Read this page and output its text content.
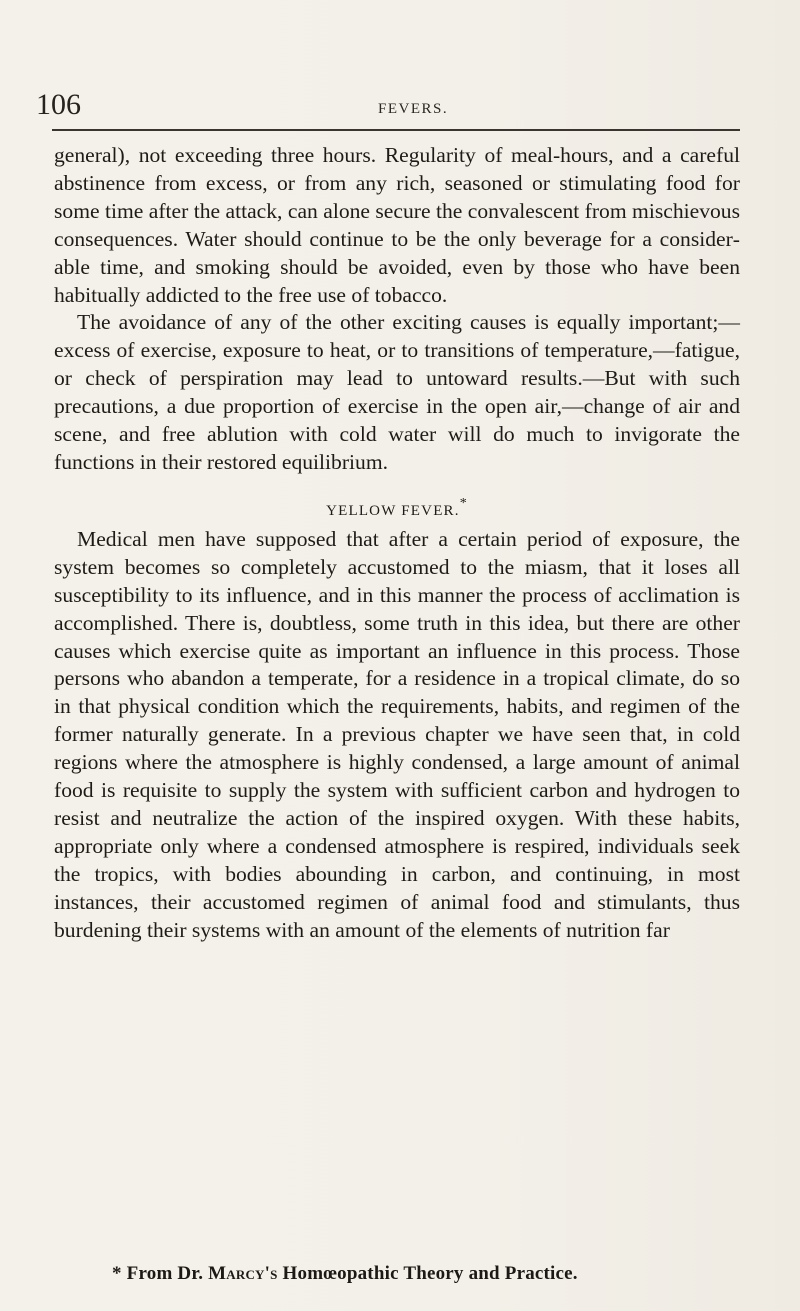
106	FEVERS.

general), not exceeding three hours. Regularity of meal-hours, and a careful abstinence from excess, or from any rich, seasoned or stimulating food for some time after the attack, can alone secure the convalescent from mischievous consequences. Water should continue to be the only beverage for a considerable time, and smoking should be avoided, even by those who have been habitually addicted to the free use of tobacco.

The avoidance of any of the other exciting causes is equally important;—excess of exercise, exposure to heat, or to transitions of temperature,—fatigue, or check of perspiration may lead to untoward results.—But with such precautions, a due proportion of exercise in the open air,—change of air and scene, and free ablution with cold water will do much to invigorate the functions in their restored equilibrium.

YELLOW FEVER.*

Medical men have supposed that after a certain period of exposure, the system becomes so completely accustomed to the miasm, that it loses all susceptibility to its influence, and in this manner the process of acclimation is accomplished. There is, doubtless, some truth in this idea, but there are other causes which exercise quite as important an influence in this process. Those persons who abandon a temperate, for a residence in a tropical climate, do so in that physical condition which the requirements, habits, and regimen of the former naturally generate. In a previous chapter we have seen that, in cold regions where the atmosphere is highly condensed, a large amount of animal food is requisite to supply the system with sufficient carbon and hydrogen to resist and neutralize the action of the inspired oxygen. With these habits, appropriate only where a condensed atmosphere is respired, individuals seek the tropics, with bodies abounding in carbon, and continuing, in most instances, their accustomed regimen of animal food and stimulants, thus burdening their systems with an amount of the elements of nutrition far

* From Dr. Marcy's Homœopathic Theory and Practice.
